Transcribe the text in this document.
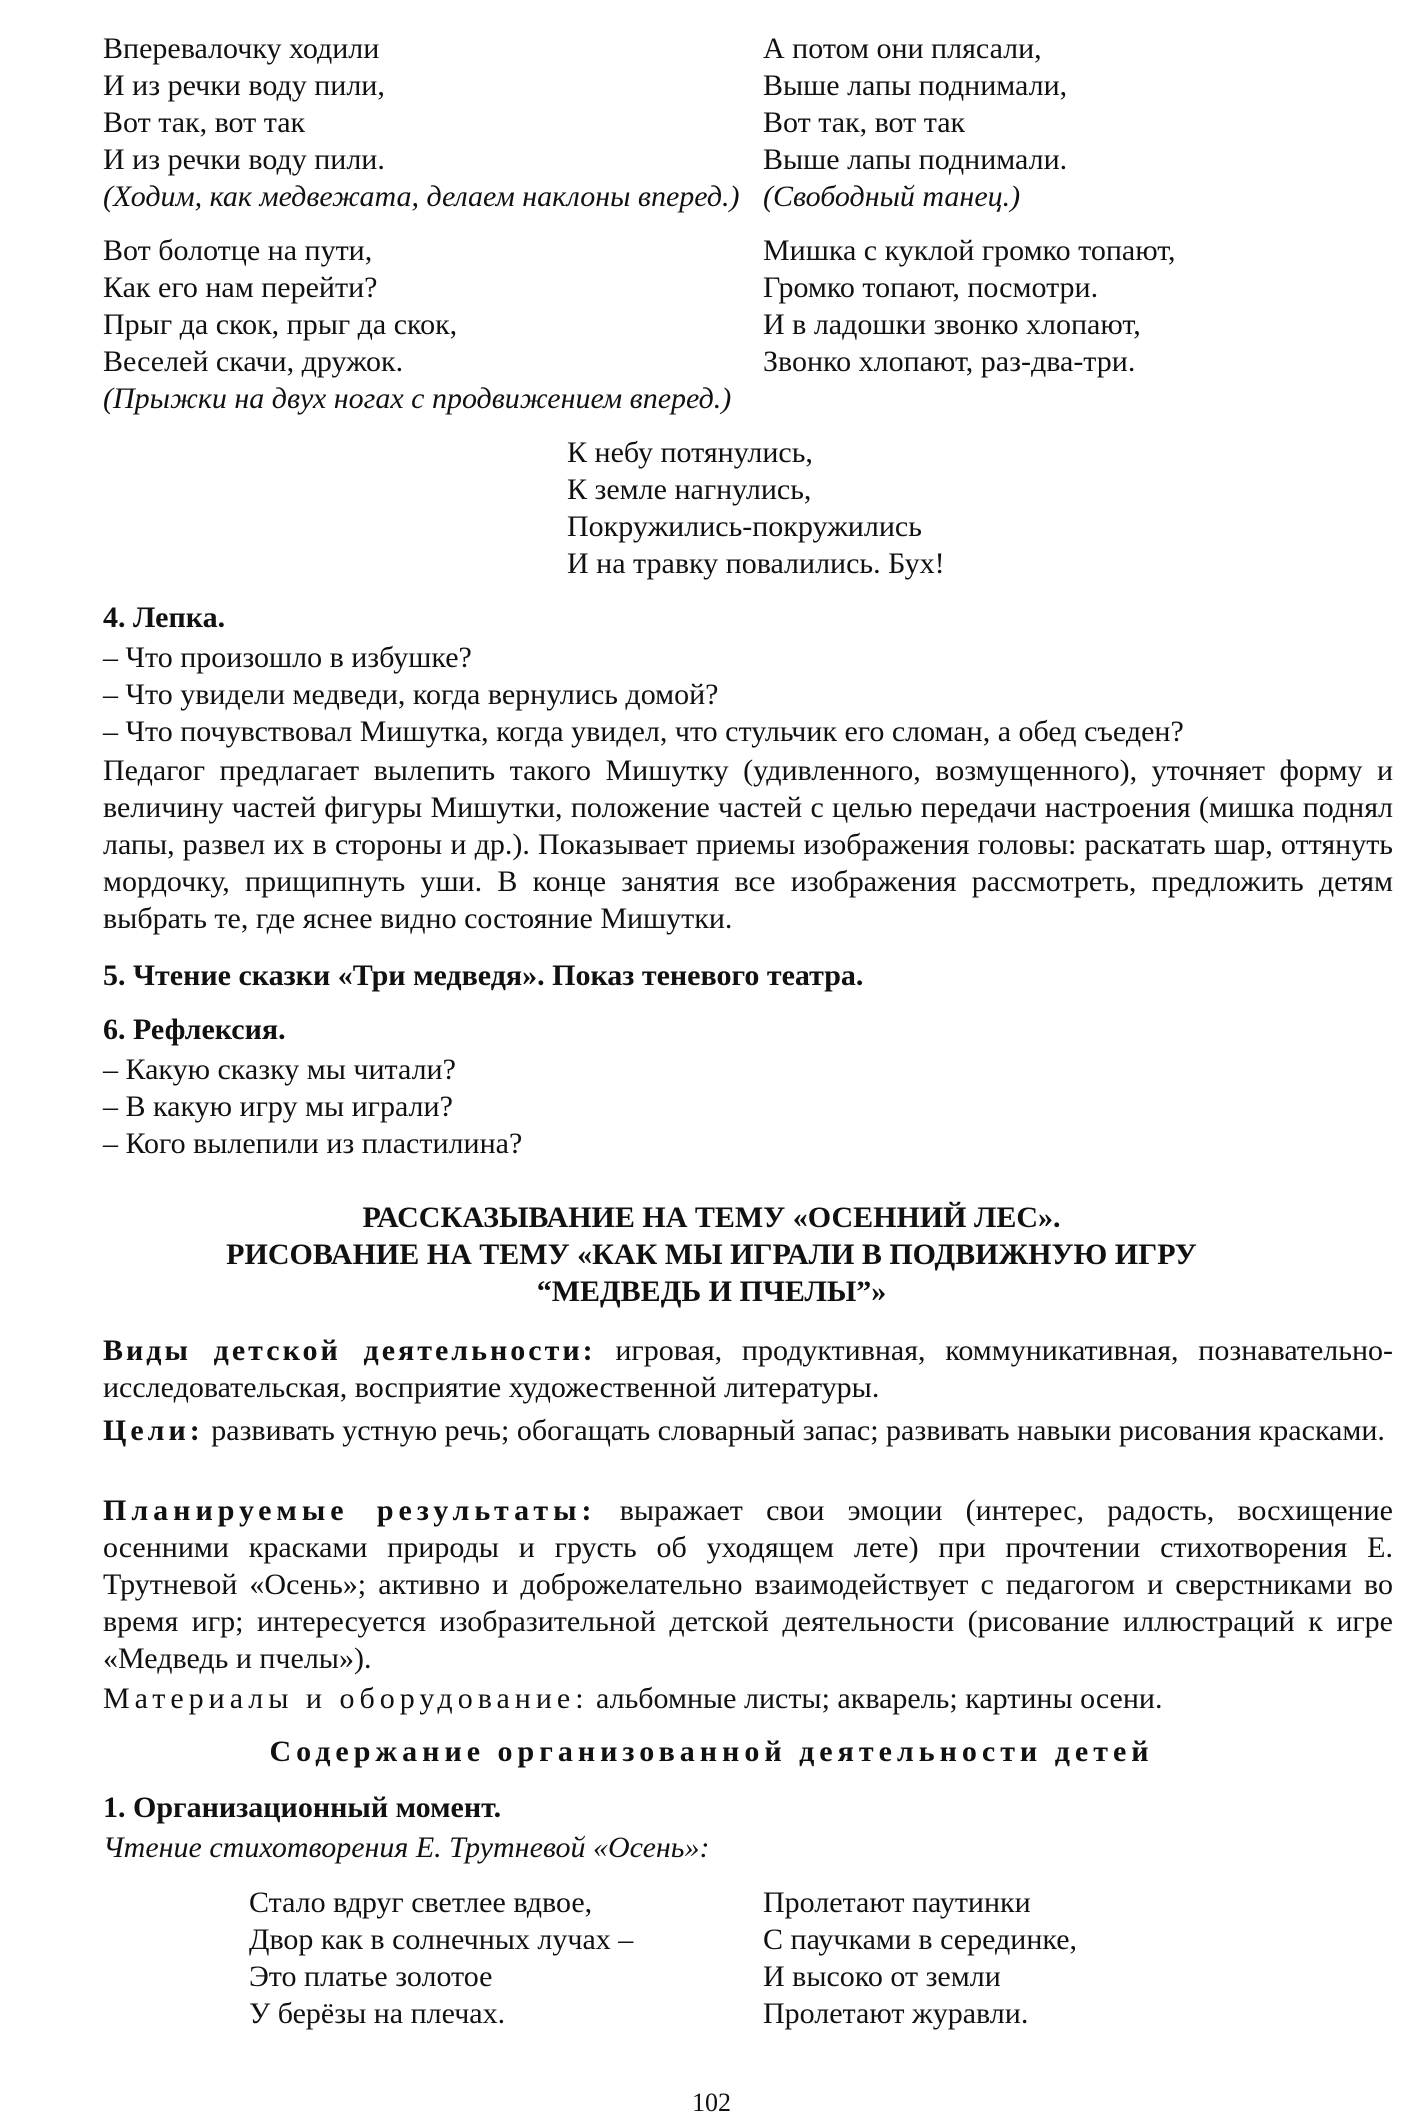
Вперевалочку ходили
И из речки воду пили,
Вот так, вот так
И из речки воду пили.
(Ходим, как медвежата, делаем наклоны вперед.)
А потом они плясали,
Выше лапы поднимали,
Вот так, вот так
Выше лапы поднимали.
(Свободный танец.)
Вот болотце на пути,
Как его нам перейти?
Прыг да скок, прыг да скок,
Веселей скачи, дружок.
(Прыжки на двух ногах с продвижением вперед.)
Мишка с куклой громко топают,
Громко топают, посмотри.
И в ладошки звонко хлопают,
Звонко хлопают, раз-два-три.
К небу потянулись,
К земле нагнулись,
Покружились-покружились
И на травку повалились. Бух!
4. Лепка.
– Что произошло в избушке?
– Что увидели медведи, когда вернулись домой?
– Что почувствовал Мишутка, когда увидел, что стульчик его сломан, а обед съеден?
Педагог предлагает вылепить такого Мишутку (удивленного, возмущенного), уточняет форму и величину частей фигуры Мишутки, положение частей с целью передачи настроения (мишка поднял лапы, развел их в стороны и др.). Показывает приемы изображения головы: раскатать шар, оттянуть мордочку, прищипнуть уши. В конце занятия все изображения рассмотреть, предложить детям выбрать те, где яснее видно состояние Мишутки.
5. Чтение сказки «Три медведя». Показ теневого театра.
6. Рефлексия.
– Какую сказку мы читали?
– В какую игру мы играли?
– Кого вылепили из пластилина?
РАССКАЗЫВАНИЕ НА ТЕМУ «ОСЕННИЙ ЛЕС».
РИСОВАНИЕ НА ТЕМУ «КАК МЫ ИГРАЛИ В ПОДВИЖНУЮ ИГРУ
“МЕДВЕДЬ И ПЧЕЛЫ”»
Виды детской деятельности: игровая, продуктивная, коммуникативная, познавательно-исследовательская, восприятие художественной литературы.
Цели: развивать устную речь; обогащать словарный запас; развивать навыки рисования красками.
Планируемые результаты: выражает свои эмоции (интерес, радость, восхищение осенними красками природы и грусть об уходящем лете) при прочтении стихотворения Е. Трутневой «Осень»; активно и доброжелательно взаимодействует с педагогом и сверстниками во время игр; интересуется изобразительной детской деятельности (рисование иллюстраций к игре «Медведь и пчелы»).
Материалы и оборудование: альбомные листы; акварель; картины осени.
Содержание организованной деятельности детей
1. Организационный момент.
Чтение стихотворения Е. Трутневой «Осень»:
Стало вдруг светлее вдвое,
Двор как в солнечных лучах –
Это платье золотое
У берёзы на плечах.
Пролетают паутинки
С паучками в серединке,
И высоко от земли
Пролетают журавли.
102
